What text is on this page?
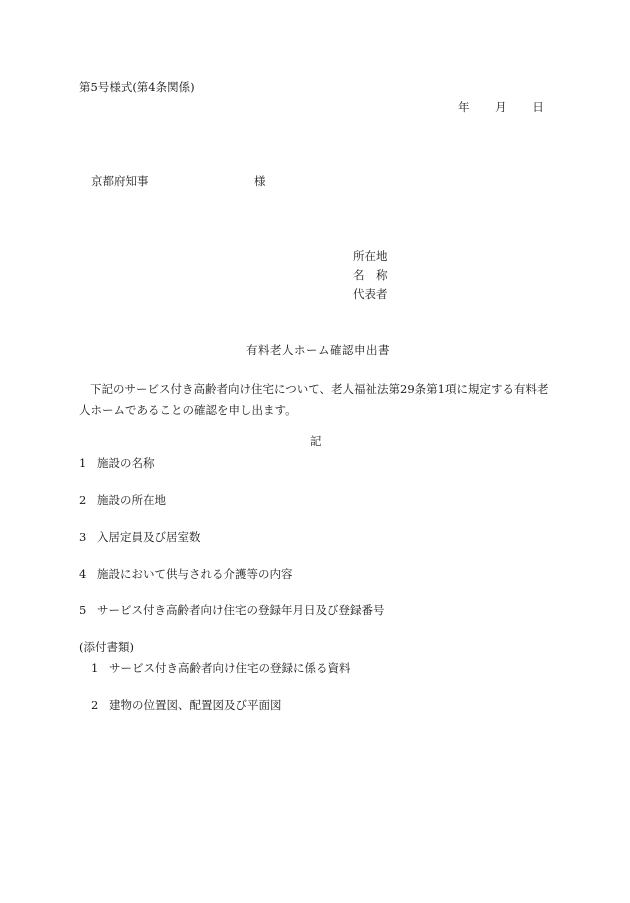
第5号様式(第4条関係)
年 月 日
京都府知事	様
所在地
名　称
代表者
有料老人ホーム確認申出書
下記のサービス付き高齢者向け住宅について、老人福祉法第29条第1項に規定する有料老人ホームであることの確認を申し出ます。
記
1 施設の名称
2 施設の所在地
3 入居定員及び居室数
4 施設において供与される介護等の内容
5 サービス付き高齢者向け住宅の登録年月日及び登録番号
(添付書類)
1 サービス付き高齢者向け住宅の登録に係る資料
2 建物の位置図、配置図及び平面図
